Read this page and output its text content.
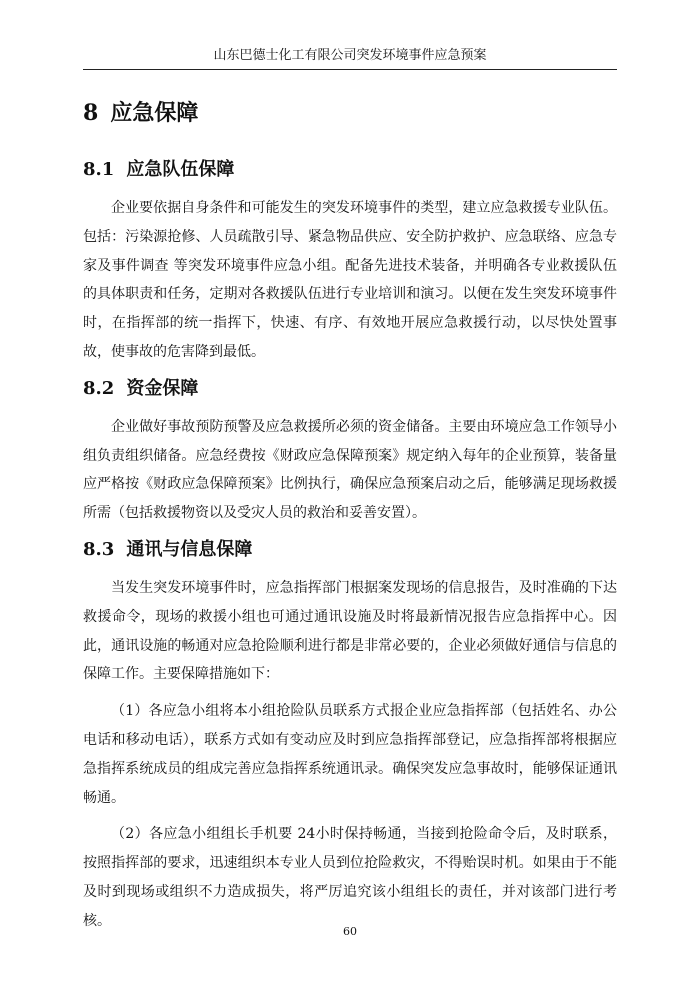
山东巴德士化工有限公司突发环境事件应急预案
8 应急保障
8.1 应急队伍保障

企业要依据自身条件和可能发生的突发环境事件的类型，建立应急救援专业队伍。包括：污染源抢修、人员疏散引导、紧急物品供应、安全防护救护、应急联络、应急专家及事件调查 等突发环境事件应急小组。配备先进技术装备，并明确各专业救援队伍的具体职责和任务，定期对各救援队伍进行专业培训和演习。以便在发生突发环境事件时，在指挥部的统一指挥下，快速、有序、有效地开展应急救援行动，以尽快处置事故，使事故的危害降到最低。

8.2 资金保障

企业做好事故预防预警及应急救援所必须的资金储备。主要由环境应急工作领导小组负责组织储备。应急经费按《财政应急保障预案》规定纳入每年的企业预算，装备量应严格按《财政应急保障预案》比例执行，确保应急预案启动之后，能够满足现场救援所需（包括救援物资以及受灾人员的救治和妥善安置）。

8.3 通讯与信息保障

当发生突发环境事件时，应急指挥部门根据案发现场的信息报告，及时准确的下达救援命令，现场的救援小组也可通过通讯设施及时将最新情况报告应急指挥中心。因此，通讯设施的畅通对应急抢险顺利进行都是非常必要的，企业必须做好通信与信息的保障工作。主要保障措施如下：

（1）各应急小组将本小组抢险队员联系方式报企业应急指挥部（包括姓名、办公电话和移动电话），联系方式如有变动应及时到应急指挥部登记，应急指挥部将根据应急指挥系统成员的组成完善应急指挥系统通讯录。确保突发应急事故时，能够保证通讯畅通。

（2）各应急小组组长手机要 24小时保持畅通，当接到抢险命令后，及时联系，按照指挥部的要求，迅速组织本专业人员到位抢险救灾，不得贻误时机。如果由于不能及时到现场或组织不力造成损失，将严厉追究该小组组长的责任，并对该部门进行考核。

60
